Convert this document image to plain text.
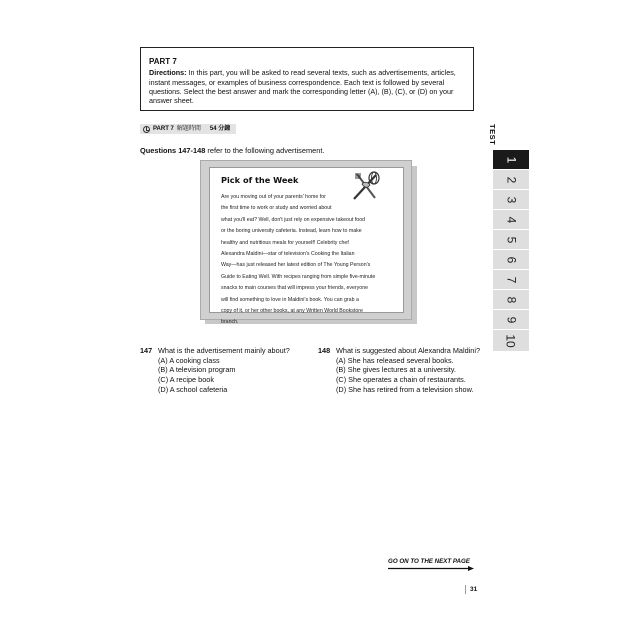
PART 7
Directions: In this part, you will be asked to read several texts, such as advertisements, articles, instant messages, or examples of business correspondence. Each text is followed by several questions. Select the best answer and mark the corresponding letter (A), (B), (C), or (D) on your answer sheet.
PART 7 解題時間 54 分鐘
Questions 147-148 refer to the following advertisement.
Pick of the Week
Are you moving out of your parents' home for
the first time to work or study and worried about
what you'll eat? Well, don't just rely on expensive takeout food
or the boring university cafeteria. Instead, learn how to make
healthy and nutritious meals for yourself! Celebrity chef
Alexandra Maldini—star of television's Cooking the Italian
Way—has just released her latest edition of The Young Person's
Guide to Eating Well. With recipes ranging from simple five-minute
snacks to main courses that will impress your friends, everyone
will find something to love in Maldini's book. You can grab a
copy of it, or her other books, at any Written World Bookstore
branch.
TEST
1
2
3
4
5
6
7
8
9
10
147 What is the advertisement mainly about?
(A) A cooking class
(B) A television program
(C) A recipe book
(D) A school cafeteria
148 What is suggested about Alexandra Maldini?
(A) She has released several books.
(B) She gives lectures at a university.
(C) She operates a chain of restaurants.
(D) She has retired from a television show.
GO ON TO THE NEXT PAGE
31
